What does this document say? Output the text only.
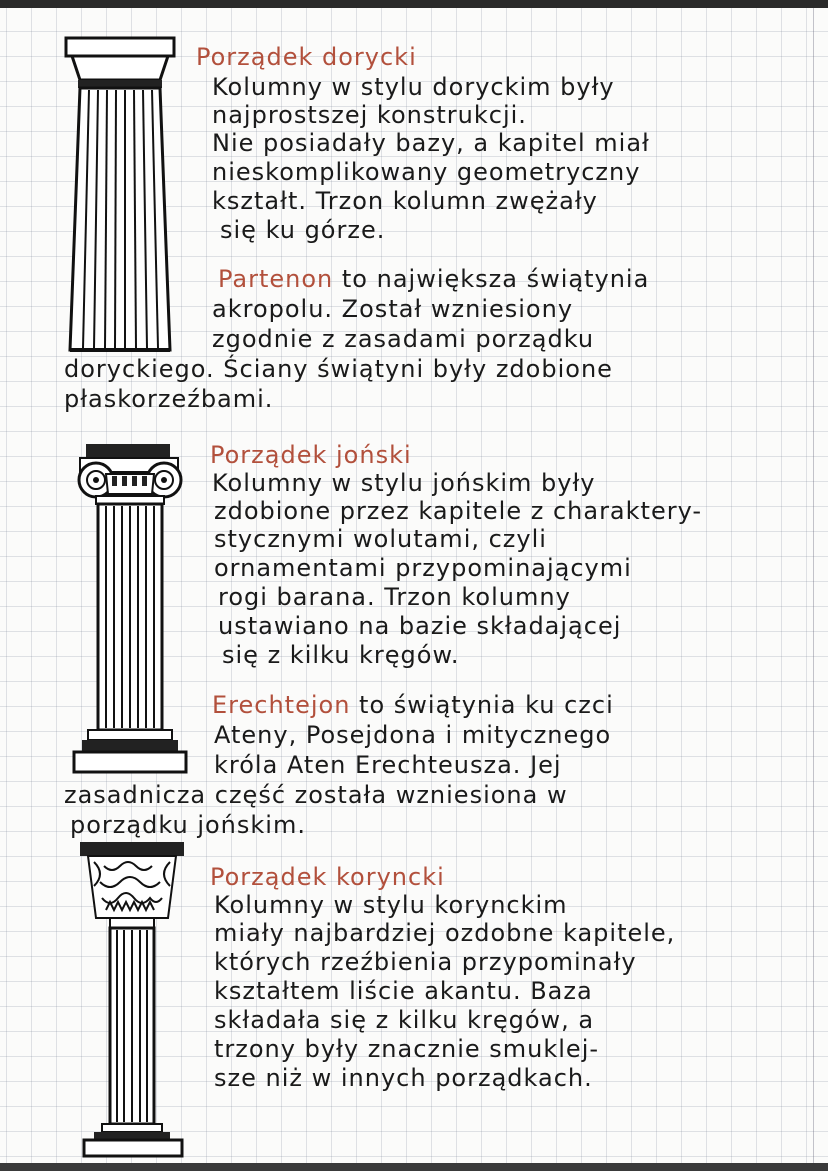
Porządek dorycki
Kolumny w stylu doryckim były
najprostszej konstrukcji.
Nie posiadały bazy, a kapitel miał
nieskomplikowany geometryczny
kształt. Trzon kolumn zwężały
się ku górze.
Partenon to największa świątynia
akropolu. Został wzniesiony
zgodnie z zasadami porządku
doryckiego. Ściany świątyni były zdobione
płaskorzeźbami.
Porządek joński
Kolumny w stylu jońskim były
zdobione przez kapitele z charaktery-
stycznymi wolutami, czyli
ornamentami przypominającymi
rogi barana. Trzon kolumny
ustawiano na bazie składającej
się z kilku kręgów.
Erechtejon to świątynia ku czci
Ateny, Posejdona i mitycznego
króla Aten Erechteusza. Jej
zasadnicza część została wzniesiona w
porządku jońskim.
Porządek koryncki
Kolumny w stylu korynckim
miały najbardziej ozdobne kapitele,
których rzeźbienia przypominały
kształtem liście akantu. Baza
składała się z kilku kręgów, a
trzony były znacznie smuklej-
sze niż w innych porządkach.
